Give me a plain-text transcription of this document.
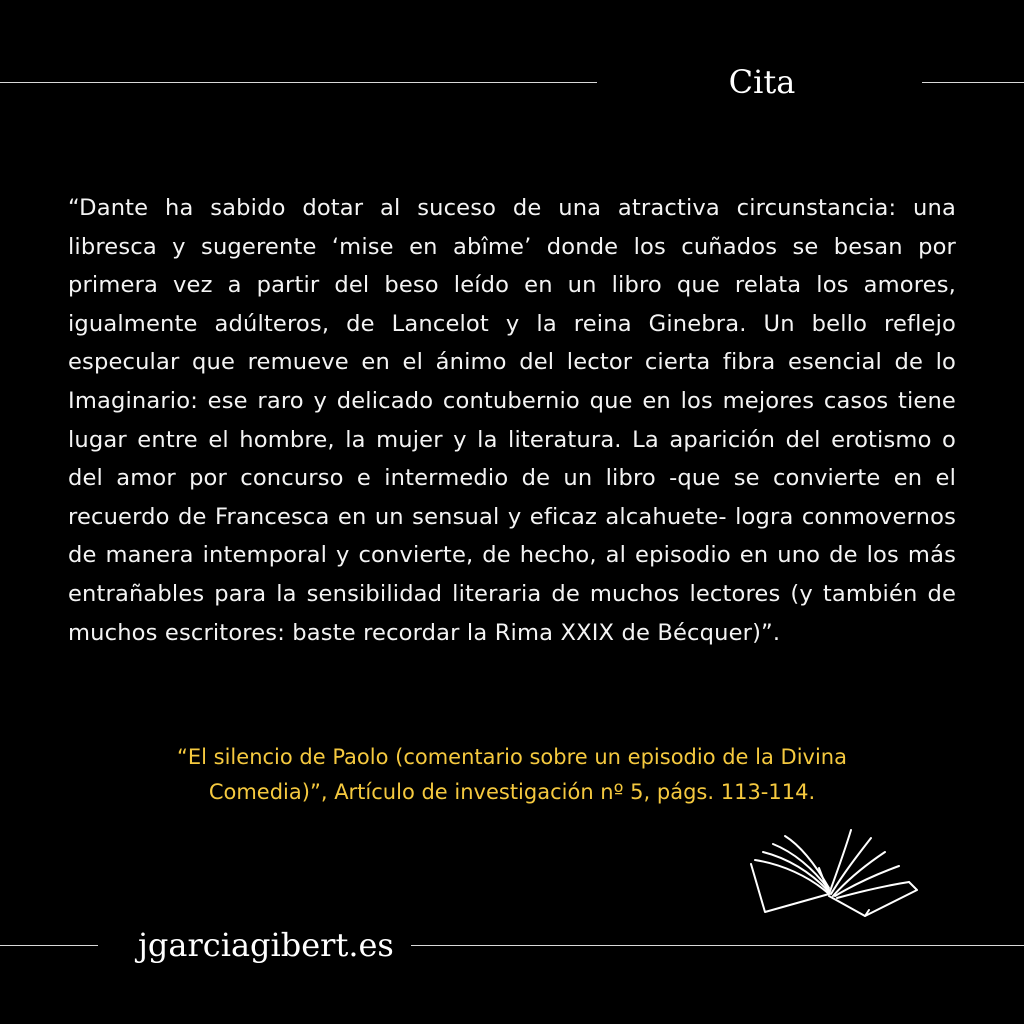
Cita
“Dante ha sabido dotar al suceso de una atractiva circunstancia: una libresca y sugerente ‘mise en abîme’ donde los cuñados se besan por primera vez a partir del beso leído en un libro que relata los amores, igualmente adúlteros, de Lancelot y la reina Ginebra. Un bello reflejo especular que remueve en el ánimo del lector cierta fibra esencial de lo Imaginario: ese raro y delicado contubernio que en los mejores casos tiene lugar entre el hombre, la mujer y la literatura. La aparición del erotismo o del amor por concurso e intermedio de un libro -que se convierte en el recuerdo de Francesca en un sensual y eficaz alcahuete- logra conmovernos de manera intemporal y convierte, de hecho, al episodio en uno de los más entrañables para la sensibilidad literaria de muchos lectores (y también de muchos escritores: baste recordar la Rima XXIX de Bécquer)”.
“El silencio de Paolo (comentario sobre un episodio de la Divina
Comedia)”, Artículo de investigación nº 5, págs. 113-114.
jgarciagibert.es
